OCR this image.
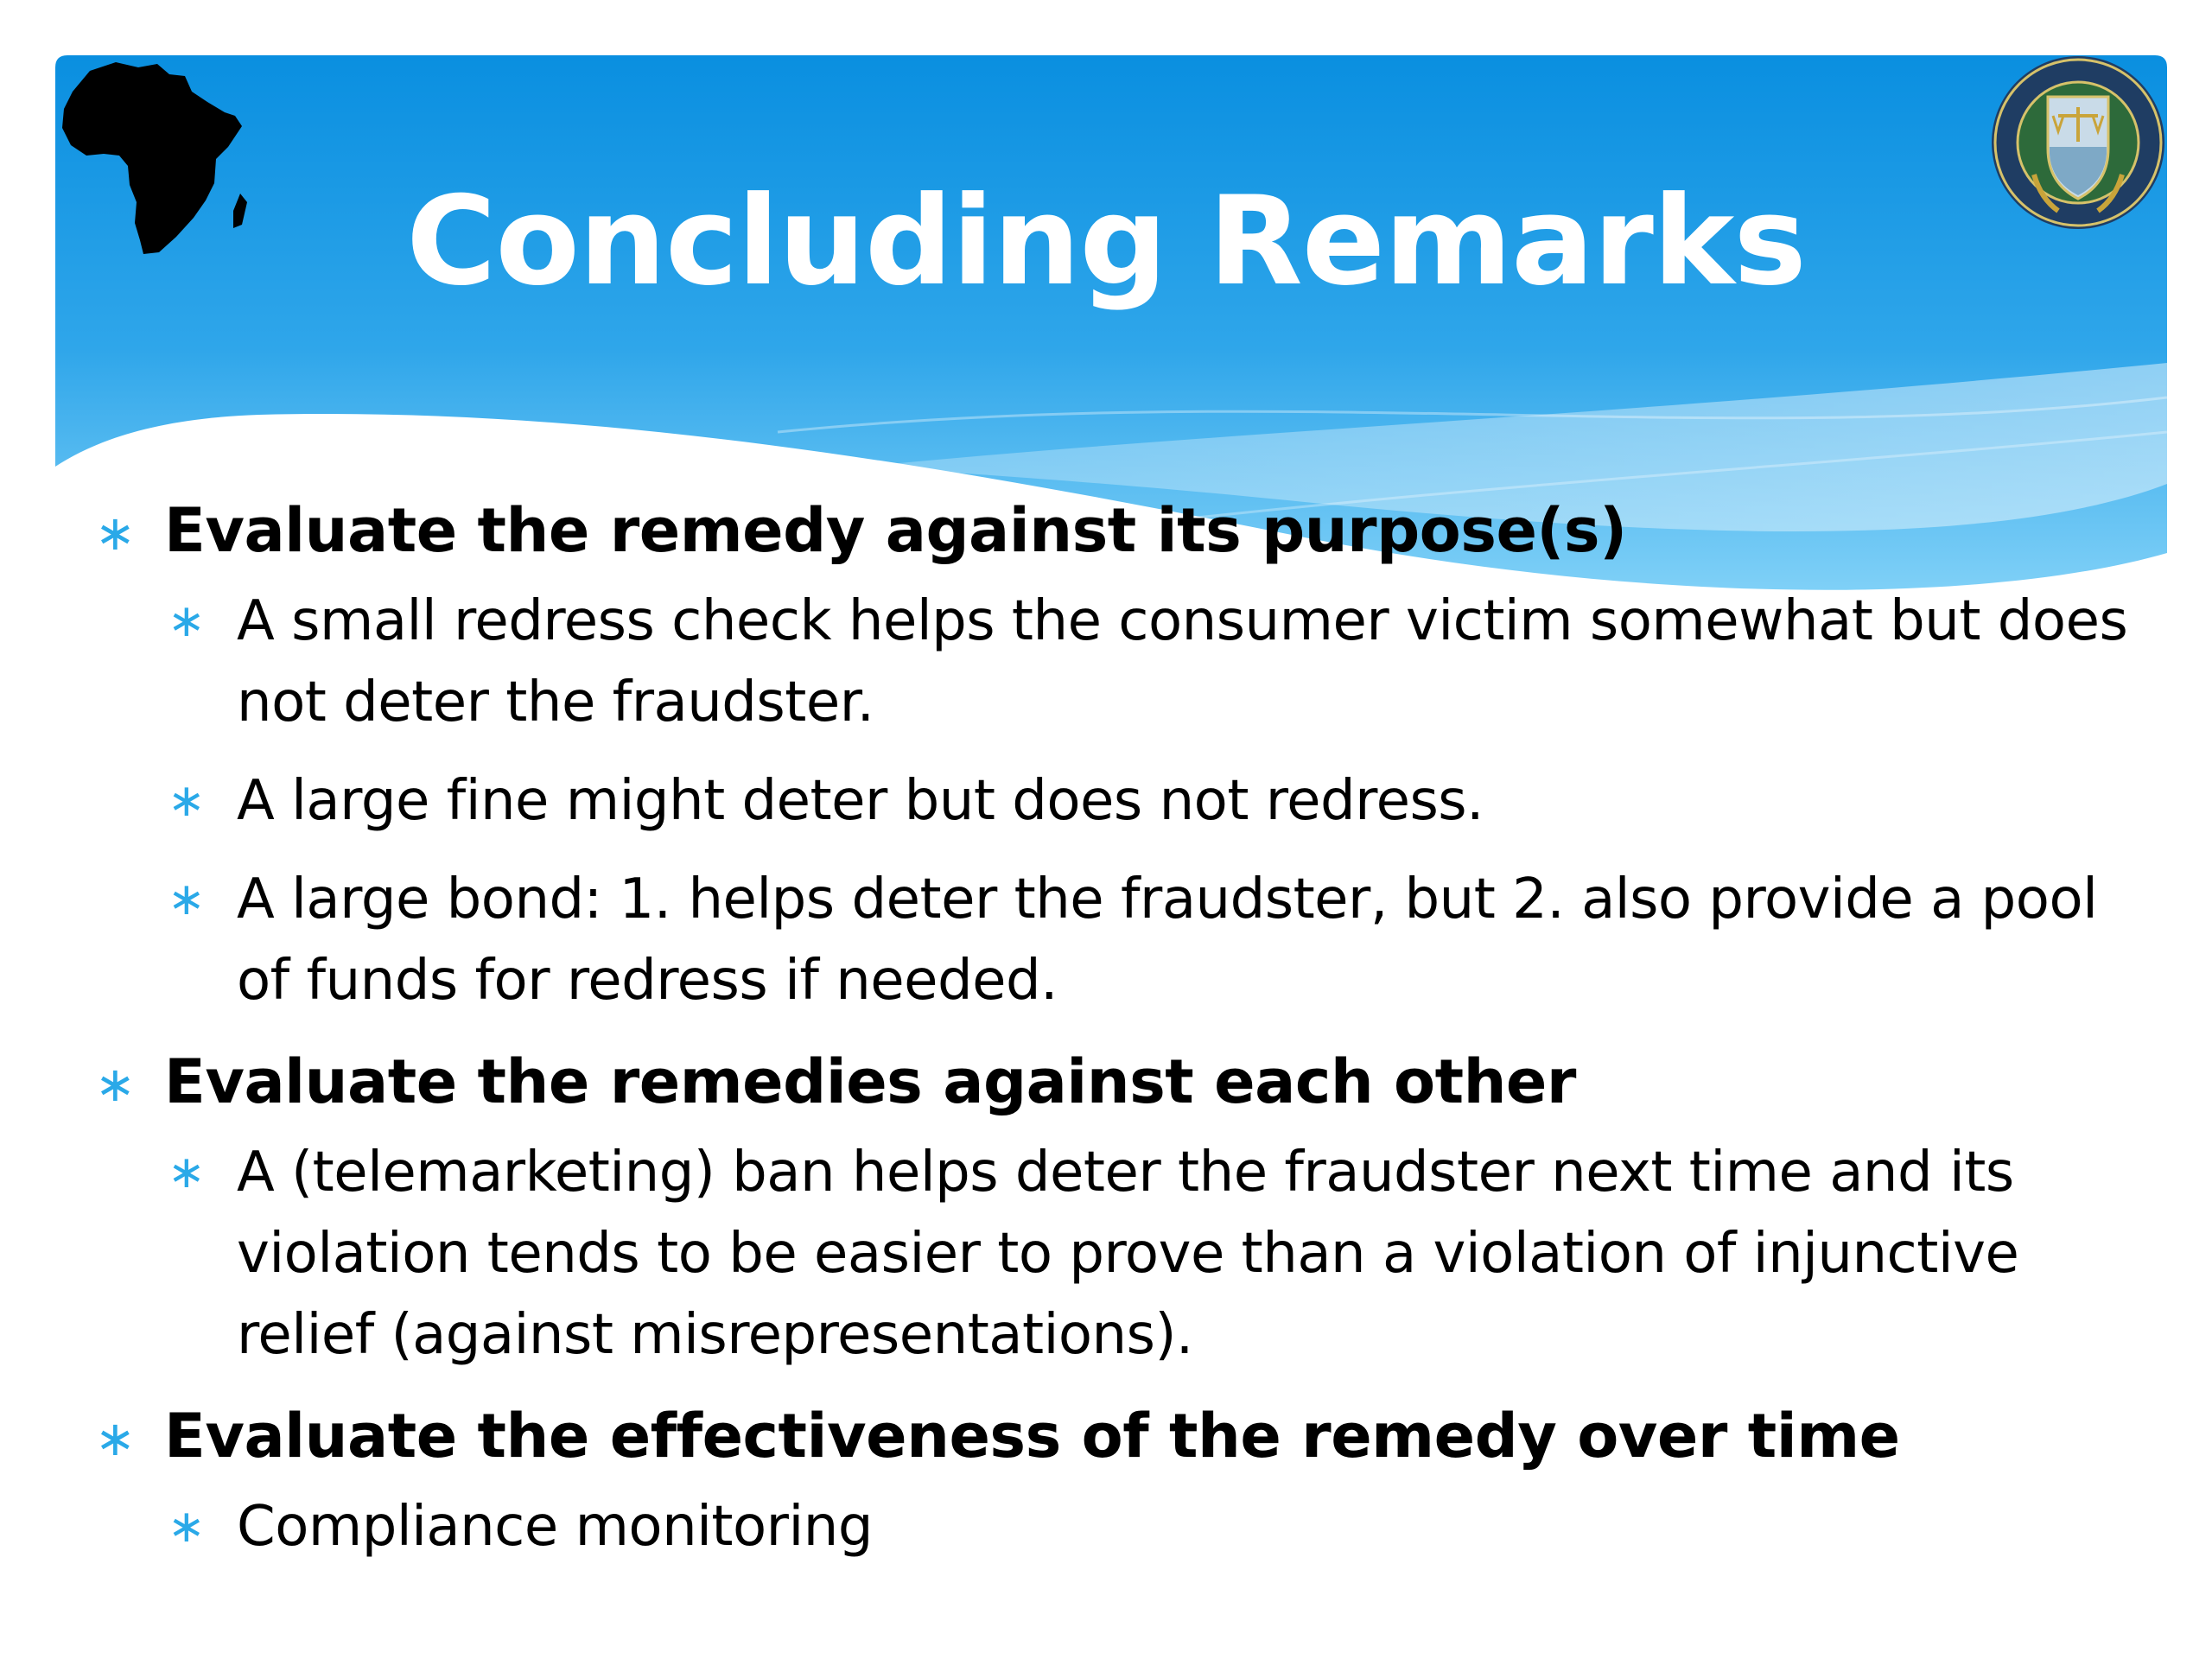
Concluding Remarks
∗ Evaluate the remedy against its purpose(s)
∗ A small redress check helps the consumer victim somewhat but does not deter the fraudster.
∗ A large fine might deter but does not redress.
∗ A large bond: 1. helps deter the fraudster, but 2. also provide a pool of funds for redress if needed.
∗ Evaluate the remedies against each other
∗ A (telemarketing) ban helps deter the fraudster next time and its violation tends to be easier to prove than a violation of injunctive relief (against misrepresentations).
∗ Evaluate the effectiveness of the remedy over time
∗ Compliance monitoring
